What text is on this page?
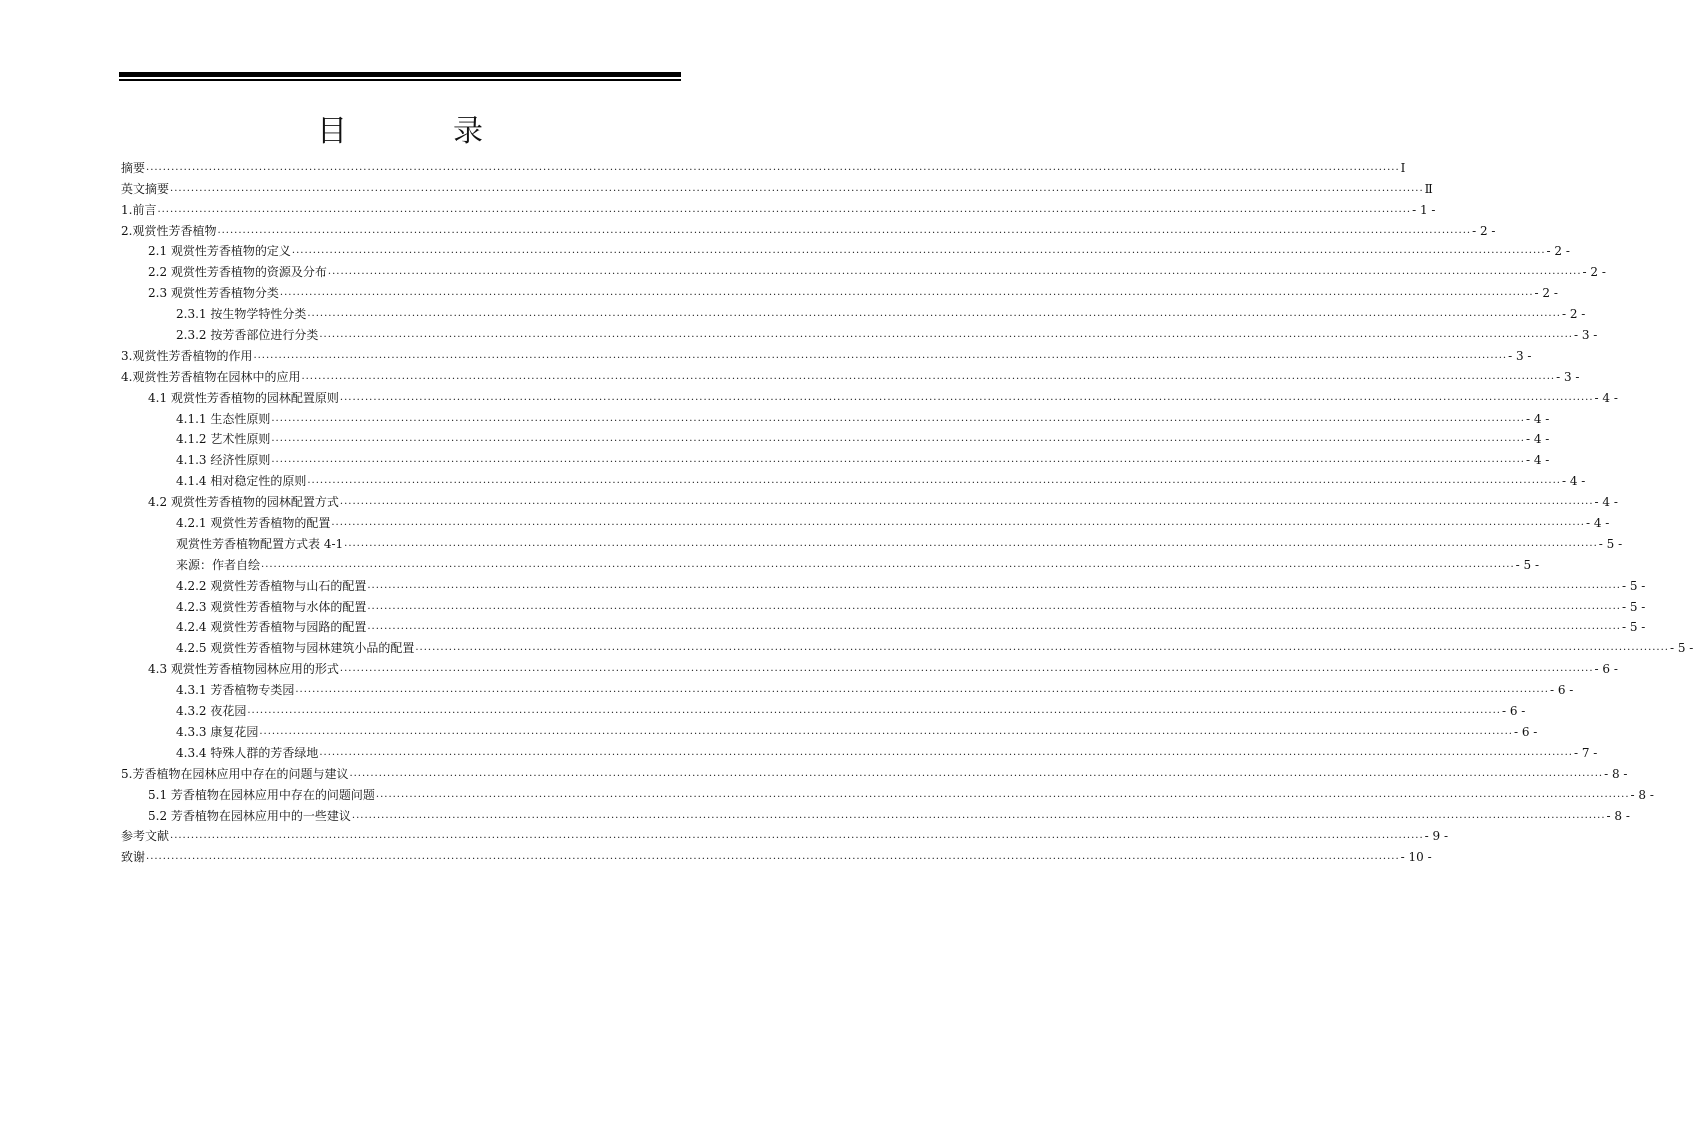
目　录
摘要 ............................................................................................................................................................................................................................................................................................................ I
英文摘要 ............................................................................................................................................................................................................................................................................................................ Ⅱ
1.前言 ............................................................................................................................................................................................................................................................................................................ - 1 -
2.观赏性芳香植物 ............................................................................................................................................................................................................................................................................................................ - 2 -
2.1 观赏性芳香植物的定义 ............................................................................................................................................................................................................................................................................................................ - 2 -
2.2 观赏性芳香植物的资源及分布 ............................................................................................................................................................................................................................................................................................................ - 2 -
2.3 观赏性芳香植物分类 ............................................................................................................................................................................................................................................................................................................ - 2 -
2.3.1 按生物学特性分类 ............................................................................................................................................................................................................................................................................................................ - 2 -
2.3.2 按芳香部位进行分类 ............................................................................................................................................................................................................................................................................................................ - 3 -
3.观赏性芳香植物的作用 ............................................................................................................................................................................................................................................................................................................ - 3 -
4.观赏性芳香植物在园林中的应用 ............................................................................................................................................................................................................................................................................................................ - 3 -
4.1 观赏性芳香植物的园林配置原则 ............................................................................................................................................................................................................................................................................................................ - 4 -
4.1.1 生态性原则 ............................................................................................................................................................................................................................................................................................................ - 4 -
4.1.2 艺术性原则 ............................................................................................................................................................................................................................................................................................................ - 4 -
4.1.3 经济性原则 ............................................................................................................................................................................................................................................................................................................ - 4 -
4.1.4 相对稳定性的原则 ............................................................................................................................................................................................................................................................................................................ - 4 -
4.2 观赏性芳香植物的园林配置方式 ............................................................................................................................................................................................................................................................................................................ - 4 -
4.2.1 观赏性芳香植物的配置 ............................................................................................................................................................................................................................................................................................................ - 4 -
观赏性芳香植物配置方式表 4-1 ............................................................................................................................................................................................................................................................................................................ - 5 -
来源：作者自绘 ............................................................................................................................................................................................................................................................................................................ - 5 -
4.2.2 观赏性芳香植物与山石的配置 ............................................................................................................................................................................................................................................................................................................ - 5 -
4.2.3 观赏性芳香植物与水体的配置 ............................................................................................................................................................................................................................................................................................................ - 5 -
4.2.4 观赏性芳香植物与园路的配置 ............................................................................................................................................................................................................................................................................................................ - 5 -
4.2.5 观赏性芳香植物与园林建筑小品的配置 ............................................................................................................................................................................................................................................................................................................ - 5 -
4.3 观赏性芳香植物园林应用的形式 ............................................................................................................................................................................................................................................................................................................ - 6 -
4.3.1 芳香植物专类园 ............................................................................................................................................................................................................................................................................................................ - 6 -
4.3.2 夜花园 ............................................................................................................................................................................................................................................................................................................ - 6 -
4.3.3 康复花园 ............................................................................................................................................................................................................................................................................................................ - 6 -
4.3.4 特殊人群的芳香绿地 ............................................................................................................................................................................................................................................................................................................ - 7 -
5.芳香植物在园林应用中存在的问题与建议 ............................................................................................................................................................................................................................................................................................................ - 8 -
5.1 芳香植物在园林应用中存在的问题问题 ............................................................................................................................................................................................................................................................................................................ - 8 -
5.2 芳香植物在园林应用中的一些建议 ............................................................................................................................................................................................................................................................................................................ - 8 -
参考文献 ............................................................................................................................................................................................................................................................................................................ - 9 -
致谢 ............................................................................................................................................................................................................................................................................................................ - 10 -
